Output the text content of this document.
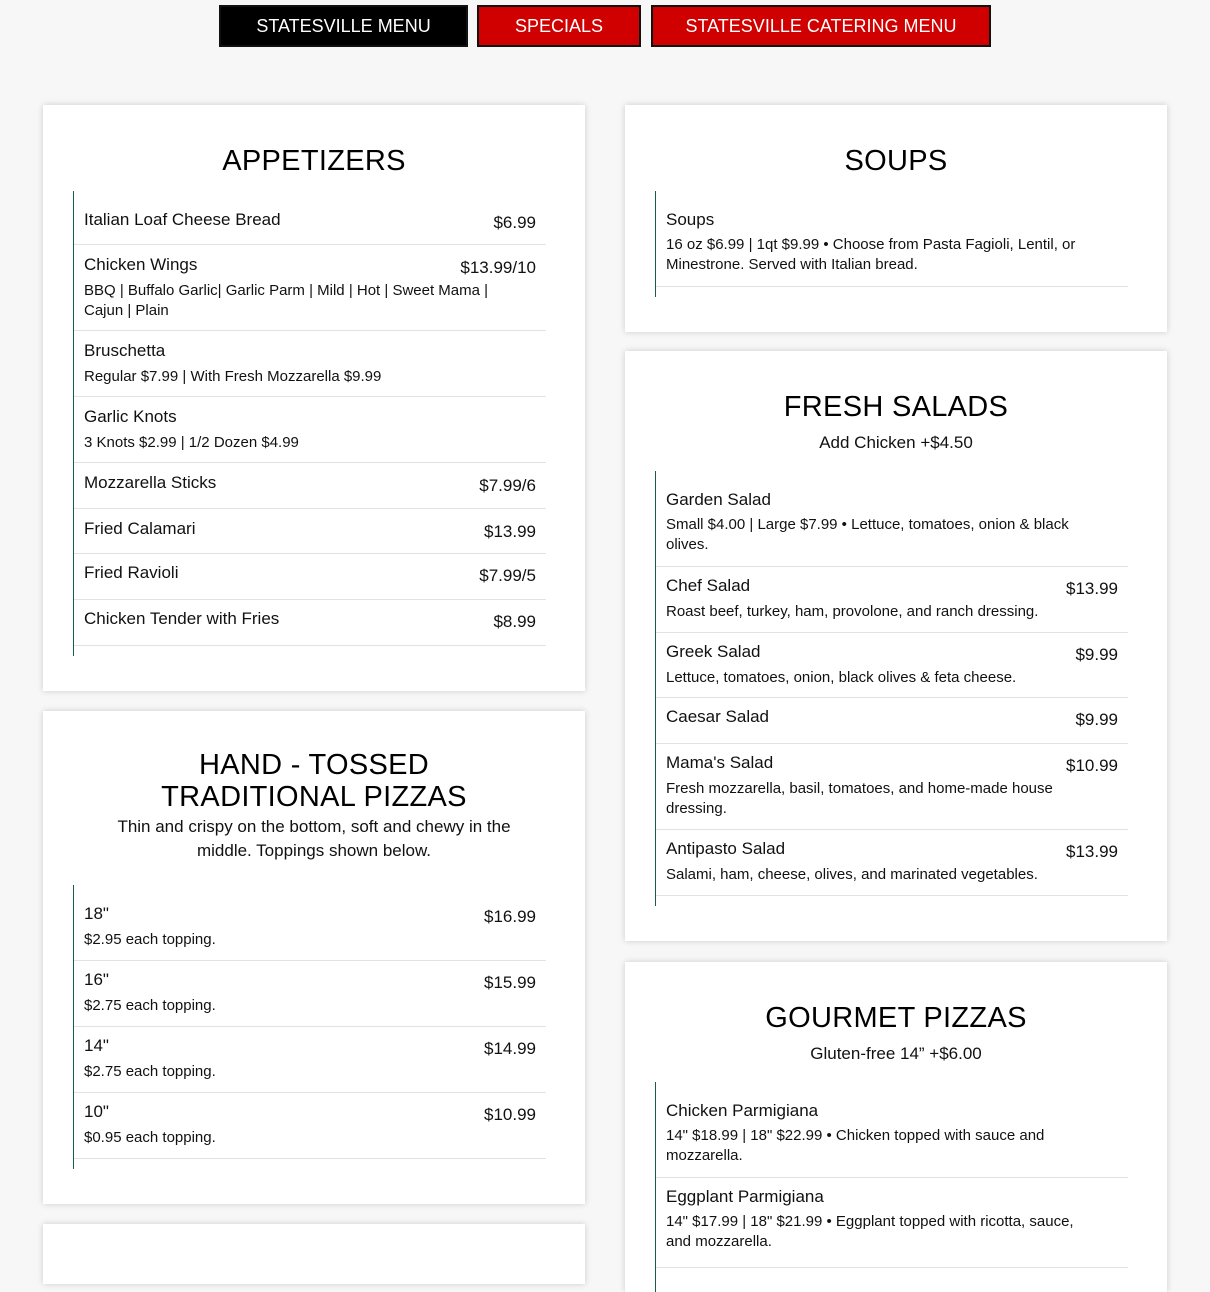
STATESVILLE MENU	SPECIALS	STATESVILLE CATERING MENU
APPETIZERS
Italian Loaf Cheese Bread	$6.99
Chicken Wings	$13.99/10
BBQ | Buffalo Garlic| Garlic Parm | Mild | Hot | Sweet Mama | Cajun | Plain
Bruschetta
Regular $7.99 | With Fresh Mozzarella $9.99
Garlic Knots
3 Knots $2.99 | 1/2 Dozen $4.99
Mozzarella Sticks	$7.99/6
Fried Calamari	$13.99
Fried Ravioli	$7.99/5
Chicken Tender with Fries	$8.99
HAND - TOSSED TRADITIONAL PIZZAS
Thin and crispy on the bottom, soft and chewy in the middle. Toppings shown below.
18"	$16.99
$2.95 each topping.
16"	$15.99
$2.75 each topping.
14"	$14.99
$2.75 each topping.
10"	$10.99
$0.95 each topping.
SOUPS
Soups
16 oz $6.99 | 1qt $9.99 • Choose from Pasta Fagioli, Lentil, or Minestrone. Served with Italian bread.
FRESH SALADS
Add Chicken +$4.50
Garden Salad
Small $4.00 | Large $7.99 • Lettuce, tomatoes, onion & black olives.
Chef Salad	$13.99
Roast beef, turkey, ham, provolone, and ranch dressing.
Greek Salad	$9.99
Lettuce, tomatoes, onion, black olives & feta cheese.
Caesar Salad	$9.99
Mama's Salad	$10.99
Fresh mozzarella, basil, tomatoes, and home-made house dressing.
Antipasto Salad	$13.99
Salami, ham, cheese, olives, and marinated vegetables.
GOURMET PIZZAS
Gluten-free 14” +$6.00
Chicken Parmigiana
14" $18.99 | 18" $22.99 • Chicken topped with sauce and mozzarella.
Eggplant Parmigiana
14" $17.99 | 18" $21.99 • Eggplant topped with ricotta, sauce, and mozzarella.
